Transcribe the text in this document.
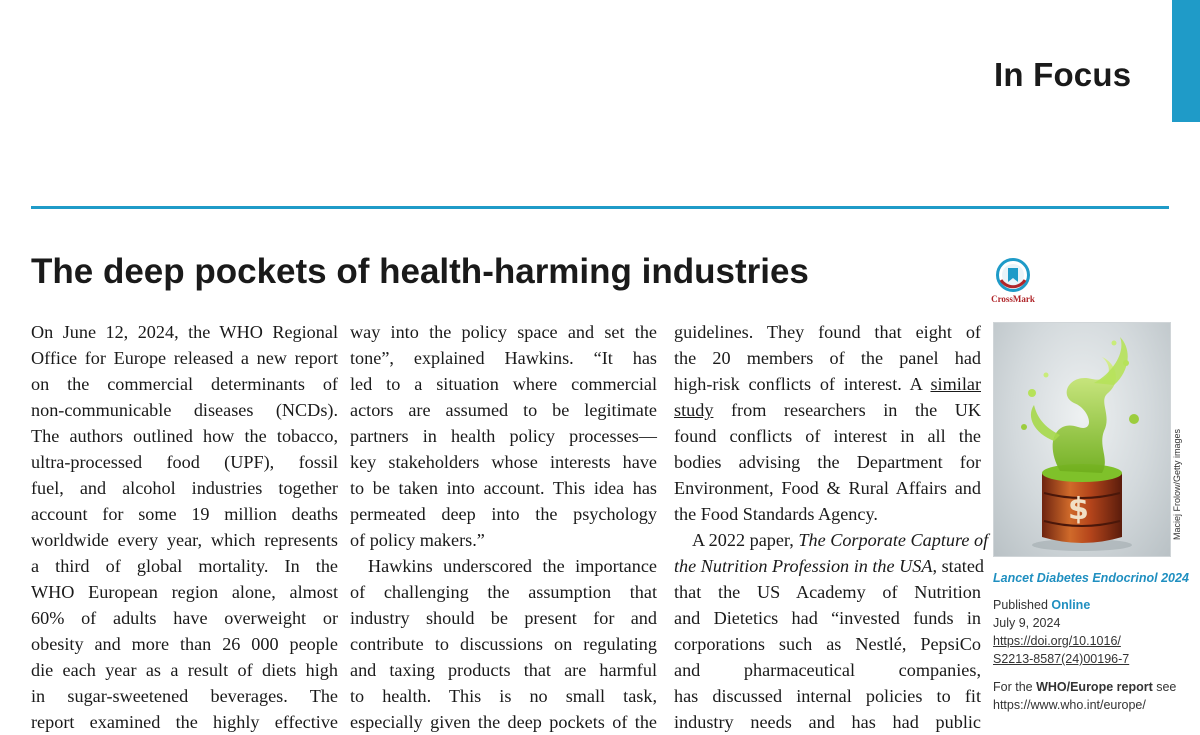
In Focus
The deep pockets of health-harming industries
CrossMark
On June 12, 2024, the WHO Regional
Office for Europe released a new report
on the commercial determinants of
non-communicable diseases (NCDs).
The authors outlined how the tobacco,
ultra-processed food (UPF), fossil
fuel, and alcohol industries together
account for some 19 million deaths
worldwide every year, which represents
a third of global mortality. In the
WHO European region alone, almost
60% of adults have overweight or
obesity and more than 26 000 people
die each year as a result of diets high
in sugar-sweetened beverages. The
report examined the highly effective
way into the policy space and set the
tone”, explained Hawkins. “It has
led to a situation where commercial
actors are assumed to be legitimate
partners in health policy processes—
key stakeholders whose interests have
to be taken into account. This idea has
permeated deep into the psychology
of policy makers.”
Hawkins underscored the importance
of challenging the assumption that
industry should be present for and
contribute to discussions on regulating
and taxing products that are harmful
to health. This is no small task,
especially given the deep pockets of the
guidelines. They found that eight of
the 20 members of the panel had
high-risk conflicts of interest. A similar
study from researchers in the UK
found conflicts of interest in all the
bodies advising the Department for
Environment, Food & Rural Affairs and
the Food Standards Agency.
A 2022 paper, The Corporate Capture of
the Nutrition Profession in the USA, stated
that the US Academy of Nutrition
and Dietetics had “invested funds in
corporations such as Nestlé, PepsiCo
and pharmaceutical companies,
has discussed internal policies to fit
industry needs and has had public
$	Maciej Frolow/Getty images
Lancet Diabetes Endocrinol 2024
Published Online
July 9, 2024
https://doi.org/10.1016/
S2213-8587(24)00196-7
For the WHO/Europe report see
https://www.who.int/europe/
